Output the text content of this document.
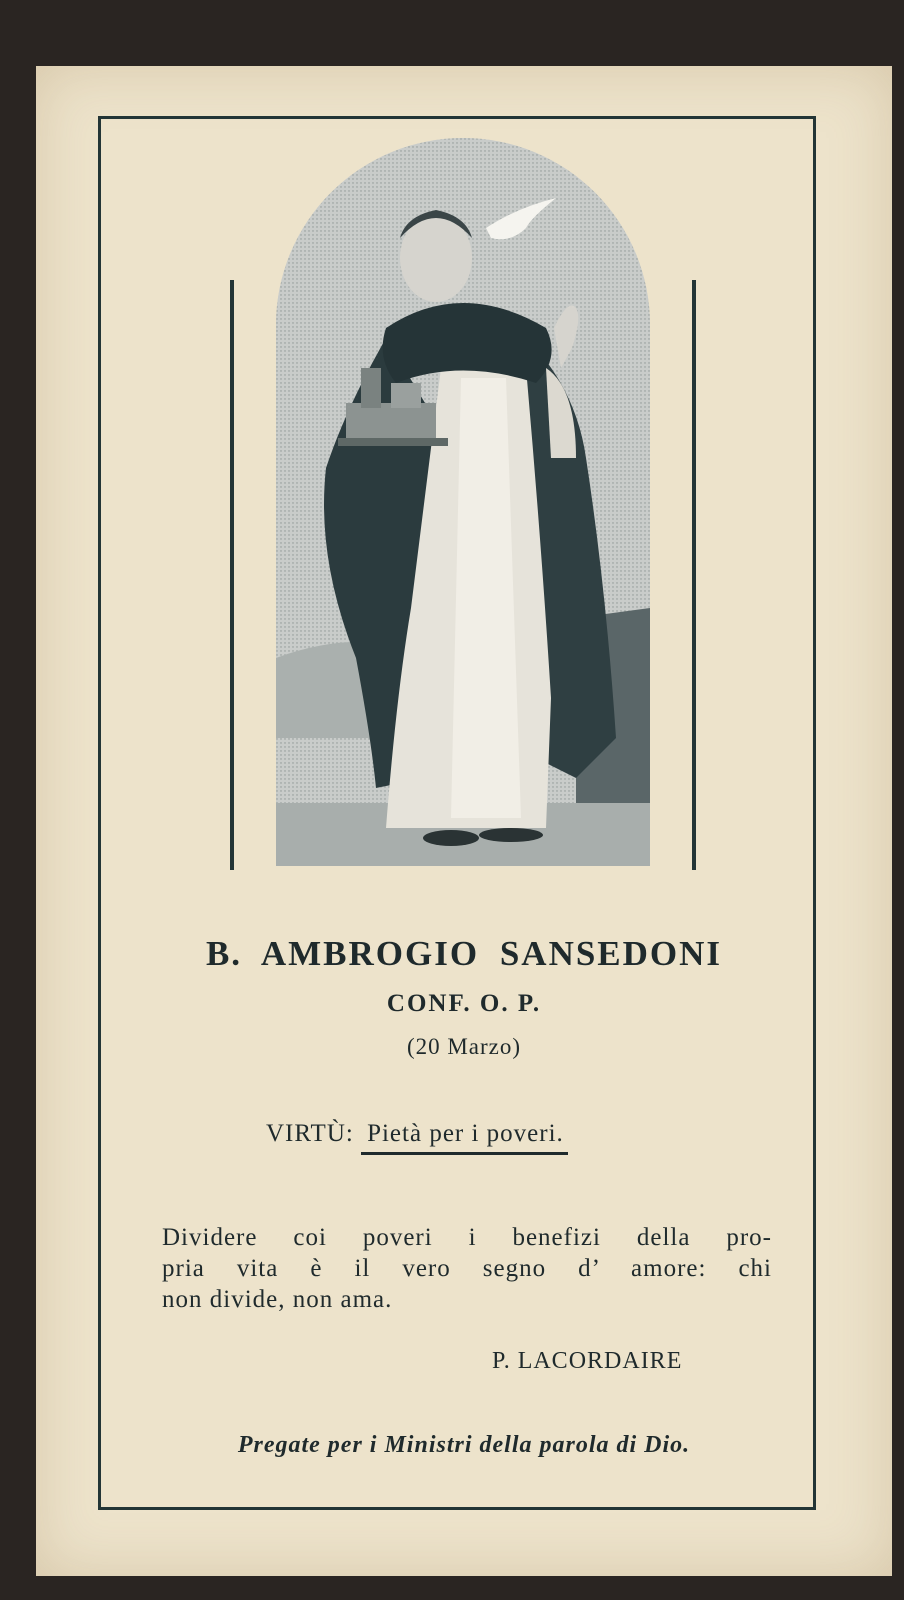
B. AMBROGIO SANSEDONI
CONF. O. P.
(20 Marzo)
VIRTÙ: Pietà per i poveri.
Dividere coi poveri i benefizi della pro-
pria vita è il vero segno d’ amore: chi
non divide, non ama.
P. LACORDAIRE
Pregate per i Ministri della parola di Dio.
